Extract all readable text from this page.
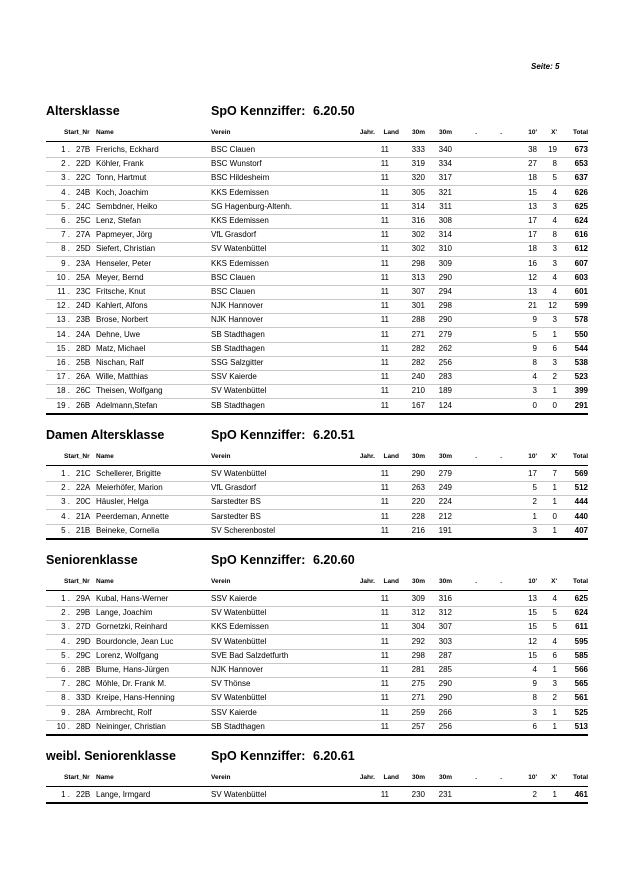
Seite: 5
Altersklasse	SpO Kennziffer: 6.20.50
Start_Nr Name	Verein	Jahr.	Land	30m	30m	.	.	10'	X'	Total
1 . 27B Frerichs, Eckhard	BSC Clauen	11	333	340	38	19	673
2 . 22D Köhler, Frank	BSC Wunstorf	11	319	334	27	8	653
3 . 22C Tonn, Hartmut	BSC Hildesheim	11	320	317	18	5	637
4 . 24B Koch, Joachim	KKS Edemissen	11	305	321	15	4	626
5 . 24C Sembdner, Heiko	SG Hagenburg-Altenh.	11	314	311	13	3	625
6 . 25C Lenz, Stefan	KKS Edemissen	11	316	308	17	4	624
7 . 27A Papmeyer, Jörg	VfL Grasdorf	11	302	314	17	8	616
8 . 25D Siefert, Christian	SV Watenbüttel	11	302	310	18	3	612
9 . 23A Henseler, Peter	KKS Edemissen	11	298	309	16	3	607
10 . 25A Meyer, Bernd	BSC Clauen	11	313	290	12	4	603
11 . 23C Fritsche, Knut	BSC Clauen	11	307	294	13	4	601
12 . 24D Kahlert, Alfons	NJK Hannover	11	301	298	21	12	599
13 . 23B Brose, Norbert	NJK Hannover	11	288	290	9	3	578
14 . 24A Dehne, Uwe	SB Stadthagen	11	271	279	5	1	550
15 . 28D Matz, Michael	SB Stadthagen	11	282	262	9	6	544
16 . 25B Nischan, Ralf	SSG Salzgitter	11	282	256	8	3	538
17 . 26A Wille, Matthias	SSV Kaierde	11	240	283	4	2	523
18 . 26C Theisen, Wolfgang	SV Watenbüttel	11	210	189	3	1	399
19 . 26B Adelmann,Stefan	SB Stadthagen	11	167	124	0	0	291
Damen Altersklasse	SpO Kennziffer: 6.20.51
Start_Nr Name	Verein	Jahr.	Land	30m	30m	.	.	10'	X'	Total
1 . 21C Schellerer, Brigitte	SV Watenbüttel	11	290	279	17	7	569
2 . 22A Meierhöfer, Marion	VfL Grasdorf	11	263	249	5	1	512
3 . 20C Häusler, Helga	Sarstedter BS	11	220	224	2	1	444
4 . 21A Peerdeman, Annette	Sarstedter BS	11	228	212	1	0	440
5 . 21B Beineke, Cornelia	SV Scherenbostel	11	216	191	3	1	407
Seniorenklasse	SpO Kennziffer: 6.20.60
Start_Nr Name	Verein	Jahr.	Land	30m	30m	.	.	10'	X'	Total
1 . 29A Kubal, Hans-Werner	SSV Kaierde	11	309	316	13	4	625
2 . 29B Lange, Joachim	SV Watenbüttel	11	312	312	15	5	624
3 . 27D Gornetzki, Reinhard	KKS Edemissen	11	304	307	15	5	611
4 . 29D Bourdoncle, Jean Luc	SV Watenbüttel	11	292	303	12	4	595
5 . 29C Lorenz, Wolfgang	SVE Bad Salzdetfurth	11	298	287	15	6	585
6 . 28B Blume, Hans-Jürgen	NJK Hannover	11	281	285	4	1	566
7 . 28C Möhle, Dr. Frank M.	SV Thönse	11	275	290	9	3	565
8 . 33D Kreipe, Hans-Henning	SV Watenbüttel	11	271	290	8	2	561
9 . 28A Armbrecht, Rolf	SSV Kaierde	11	259	266	3	1	525
10 . 28D Neininger, Christian	SB Stadthagen	11	257	256	6	1	513
weibl. Seniorenklasse	SpO Kennziffer: 6.20.61
Start_Nr Name	Verein	Jahr.	Land	30m	30m	.	.	10'	X'	Total
1 . 22B Lange, Irmgard	SV Watenbüttel	11	230	231	2	1	461
